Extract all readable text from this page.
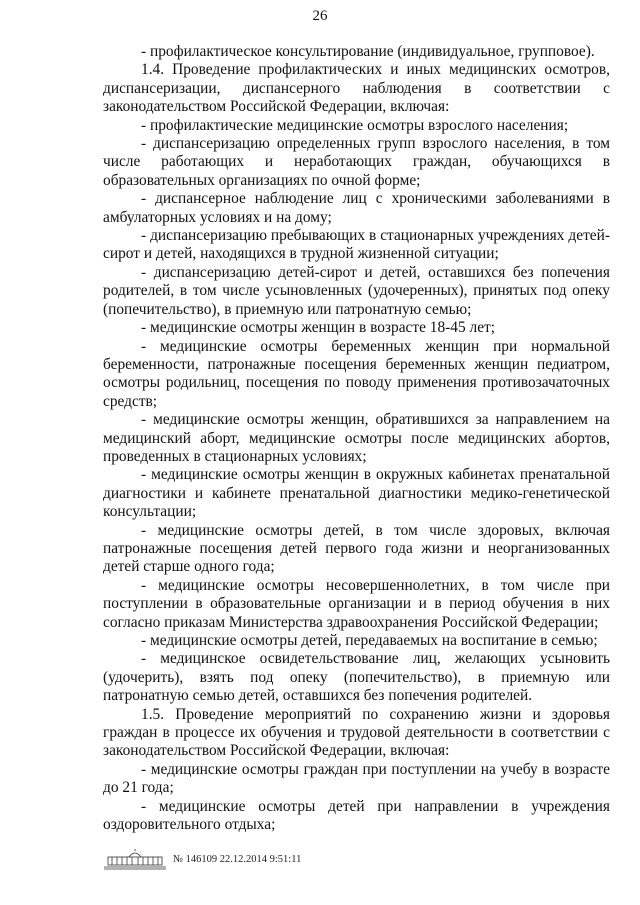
26

- профилактическое консультирование (индивидуальное, групповое).

1.4. Проведение профилактических и иных медицинских осмотров, диспансеризации, диспансерного наблюдения в соответствии с законодательством Российской Федерации, включая:

- профилактические медицинские осмотры взрослого населения;

- диспансеризацию определенных групп взрослого населения, в том числе работающих и неработающих граждан, обучающихся в образовательных организациях по очной форме;

- диспансерное наблюдение лиц с хроническими заболеваниями в амбулаторных условиях и на дому;

- диспансеризацию пребывающих в стационарных учреждениях детей-сирот и детей, находящихся в трудной жизненной ситуации;

- диспансеризацию детей-сирот и детей, оставшихся без попечения родителей, в том числе усыновленных (удочеренных), принятых под опеку (попечительство), в приемную или патронатную семью;

- медицинские осмотры женщин в возрасте 18-45 лет;

- медицинские осмотры беременных женщин при нормальной беременности, патронажные посещения беременных женщин педиатром, осмотры родильниц, посещения по поводу применения противозачаточных средств;

- медицинские осмотры женщин, обратившихся за направлением на медицинский аборт, медицинские осмотры после медицинских абортов, проведенных в стационарных условиях;

- медицинские осмотры женщин в окружных кабинетах пренатальной диагностики и кабинете пренатальной диагностики медико-генетической консультации;

- медицинские осмотры детей, в том числе здоровых, включая патронажные посещения детей первого года жизни и неорганизованных детей старше одного года;

- медицинские осмотры несовершеннолетних, в том числе при поступлении в образовательные организации и в период обучения в них согласно приказам Министерства здравоохранения Российской Федерации;

- медицинские осмотры детей, передаваемых на воспитание в семью;

- медицинское освидетельствование лиц, желающих усыновить (удочерить), взять под опеку (попечительство), в приемную или патронатную семью детей, оставшихся без попечения родителей.

1.5. Проведение мероприятий по сохранению жизни и здоровья граждан в процессе их обучения и трудовой деятельности в соответствии с законодательством Российской Федерации, включая:

- медицинские осмотры граждан при поступлении на учебу в возрасте до 21 года;

- медицинские осмотры детей при направлении в учреждения оздоровительного отдыха;

№ 146109 22.12.2014 9:51:11
